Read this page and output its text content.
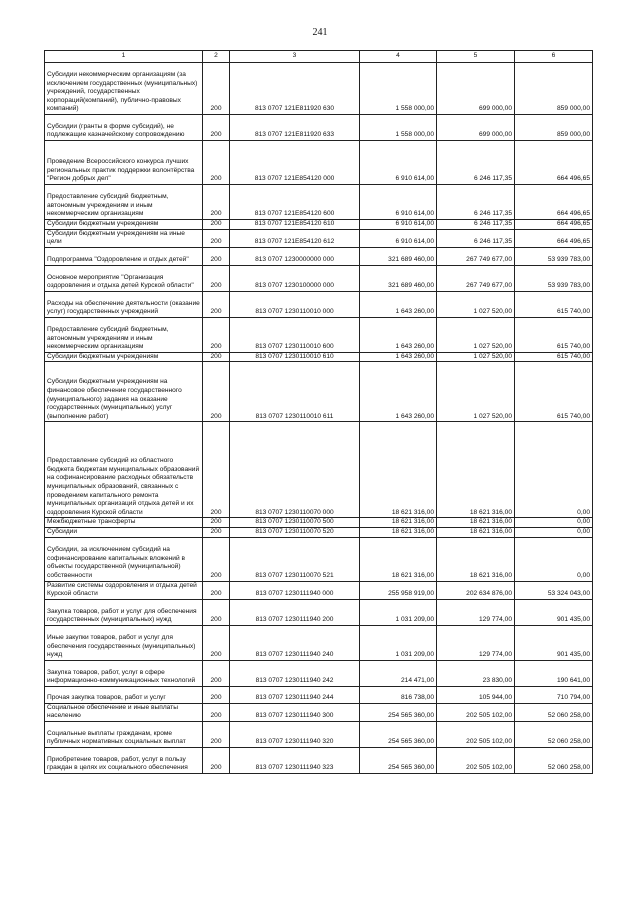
241
1	2	3	4	5	6
Субсидии некоммерческим организациям (за исключением государственных (муниципальных) учреждений, государственных корпораций(компаний), публично-правовых компаний)	200	813 0707 121E811920 630	1 558 000,00	699 000,00	859 000,00
Субсидии (гранты в форме субсидий), не подлежащие казначейскому сопровождению	200	813 0707 121E811920 633	1 558 000,00	699 000,00	859 000,00
Проведение Всероссийского конкурса лучших региональных практик поддержки волонтёрства "Регион добрых дел"	200	813 0707 121E854120 000	6 910 614,00	6 246 117,35	664 496,65
Предоставление субсидий бюджетным, автономным учреждениям и иным некоммерческим организациям	200	813 0707 121E854120 600	6 910 614,00	6 246 117,35	664 496,65
Субсидии бюджетным учреждениям	200	813 0707 121E854120 610	6 910 614,00	6 246 117,35	664 496,65
Субсидии бюджетным учреждениям на иные цели	200	813 0707 121E854120 612	6 910 614,00	6 246 117,35	664 496,65
Подпрограмма "Оздоровление и отдых детей"	200	813 0707 1230000000 000	321 689 460,00	267 749 677,00	53 939 783,00
Основное мероприятие "Организация оздоровления и отдыха детей Курской области"	200	813 0707 1230100000 000	321 689 460,00	267 749 677,00	53 939 783,00
Расходы на обеспечение деятельности (оказание услуг) государственных учреждений	200	813 0707 1230110010 000	1 643 260,00	1 027 520,00	615 740,00
Предоставление субсидий бюджетным, автономным учреждениям и иным некоммерческим организациям	200	813 0707 1230110010 600	1 643 260,00	1 027 520,00	615 740,00
Субсидии бюджетным учреждениям	200	813 0707 1230110010 610	1 643 260,00	1 027 520,00	615 740,00
Субсидии бюджетным учреждениям на финансовое обеспечение государственного (муниципального) задания на оказание государственных (муниципальных) услуг (выполнение работ)	200	813 0707 1230110010 611	1 643 260,00	1 027 520,00	615 740,00
Предоставление субсидий из областного бюджета бюджетам муниципальных образований на софинансирование расходных обязательств муниципальных образований, связанных с проведением капитального ремонта муниципальных организаций отдыха детей и их оздоровления Курской области	200	813 0707 1230110070 000	18 621 316,00	18 621 316,00	0,00
Межбюджетные трансферты	200	813 0707 1230110070 500	18 621 316,00	18 621 316,00	0,00
Субсидии	200	813 0707 1230110070 520	18 621 316,00	18 621 316,00	0,00
Субсидии, за исключением субсидий на софинансирование капитальных вложений в объекты государственной (муниципальной) собственности	200	813 0707 1230110070 521	18 621 316,00	18 621 316,00	0,00
Развитие системы оздоровления и отдыха детей Курской области	200	813 0707 1230111940 000	255 958 919,00	202 634 876,00	53 324 043,00
Закупка товаров, работ и услуг для обеспечения государственных (муниципальных) нужд	200	813 0707 1230111940 200	1 031 209,00	129 774,00	901 435,00
Иные закупки товаров, работ и услуг для обеспечения государственных (муниципальных) нужд	200	813 0707 1230111940 240	1 031 209,00	129 774,00	901 435,00
Закупка товаров, работ, услуг в сфере информационно-коммуникационных технологий	200	813 0707 1230111940 242	214 471,00	23 830,00	190 641,00
Прочая закупка товаров, работ и услуг	200	813 0707 1230111940 244	816 738,00	105 944,00	710 794,00
Социальное обеспечение и иные выплаты населению	200	813 0707 1230111940 300	254 565 360,00	202 505 102,00	52 060 258,00
Социальные выплаты гражданам, кроме публичных нормативных социальных выплат	200	813 0707 1230111940 320	254 565 360,00	202 505 102,00	52 060 258,00
Приобретение товаров, работ, услуг в пользу граждан в целях их социального обеспечения	200	813 0707 1230111940 323	254 565 360,00	202 505 102,00	52 060 258,00
